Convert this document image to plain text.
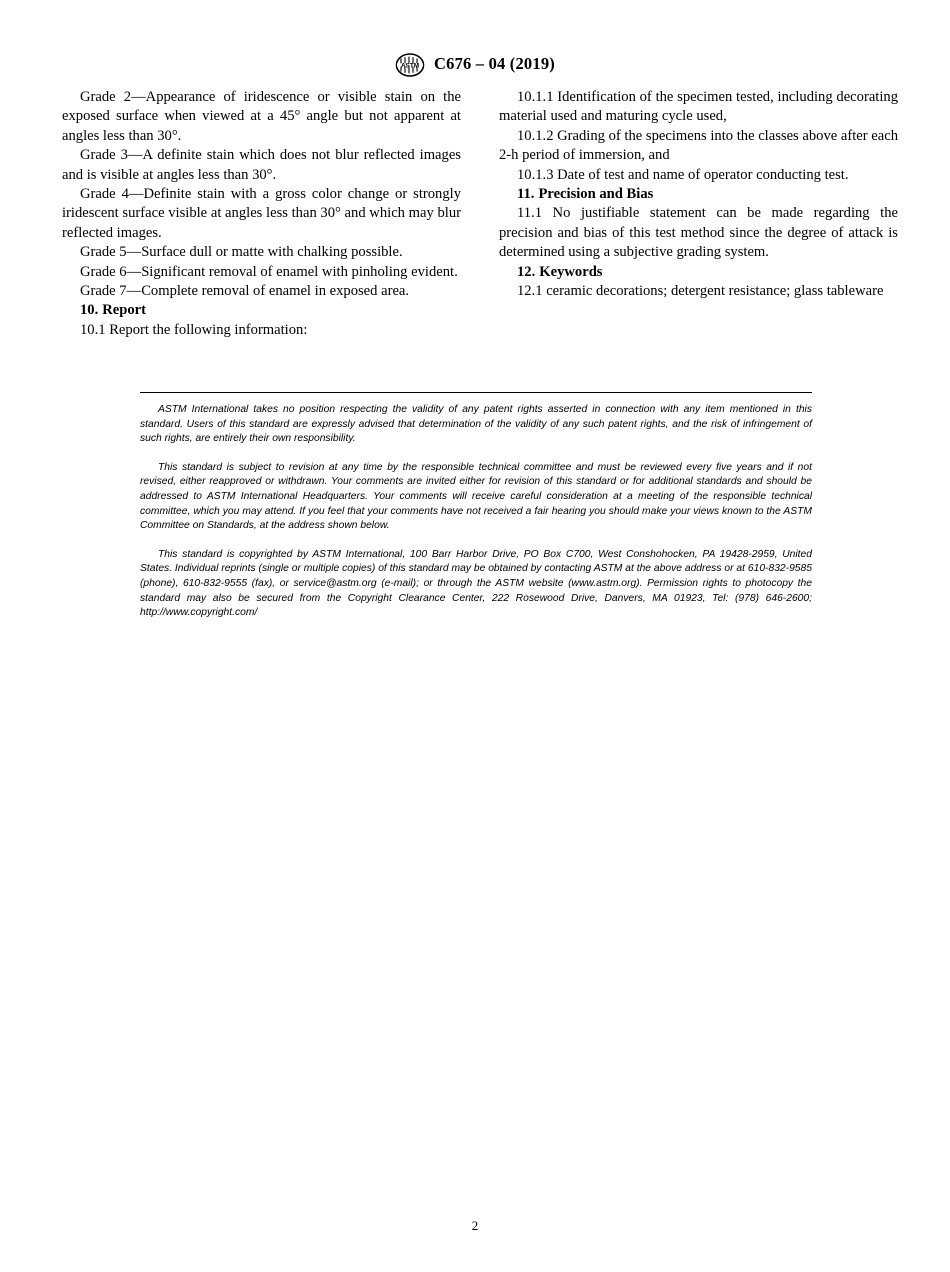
ASTM C676 – 04 (2019)

Grade 2—Appearance of iridescence or visible stain on the exposed surface when viewed at a 45° angle but not apparent at angles less than 30°.

Grade 3—A definite stain which does not blur reflected images and is visible at angles less than 30°.

Grade 4—Definite stain with a gross color change or strongly iridescent surface visible at angles less than 30° and which may blur reflected images.

Grade 5—Surface dull or matte with chalking possible.

Grade 6—Significant removal of enamel with pinholing evident.

Grade 7—Complete removal of enamel in exposed area.

10. Report

10.1 Report the following information:

10.1.1 Identification of the specimen tested, including decorating material used and maturing cycle used,

10.1.2 Grading of the specimens into the classes above after each 2-h period of immersion, and

10.1.3 Date of test and name of operator conducting test.

11. Precision and Bias

11.1 No justifiable statement can be made regarding the precision and bias of this test method since the degree of attack is determined using a subjective grading system.

12. Keywords

12.1 ceramic decorations; detergent resistance; glass tableware

ASTM International takes no position respecting the validity of any patent rights asserted in connection with any item mentioned in this standard. Users of this standard are expressly advised that determination of the validity of any such patent rights, and the risk of infringement of such rights, are entirely their own responsibility.

This standard is subject to revision at any time by the responsible technical committee and must be reviewed every five years and if not revised, either reapproved or withdrawn. Your comments are invited either for revision of this standard or for additional standards and should be addressed to ASTM International Headquarters. Your comments will receive careful consideration at a meeting of the responsible technical committee, which you may attend. If you feel that your comments have not received a fair hearing you should make your views known to the ASTM Committee on Standards, at the address shown below.

This standard is copyrighted by ASTM International, 100 Barr Harbor Drive, PO Box C700, West Conshohocken, PA 19428-2959, United States. Individual reprints (single or multiple copies) of this standard may be obtained by contacting ASTM at the above address or at 610-832-9585 (phone), 610-832-9555 (fax), or service@astm.org (e-mail); or through the ASTM website (www.astm.org). Permission rights to photocopy the standard may also be secured from the Copyright Clearance Center, 222 Rosewood Drive, Danvers, MA 01923, Tel: (978) 646-2600; http://www.copyright.com/

2
